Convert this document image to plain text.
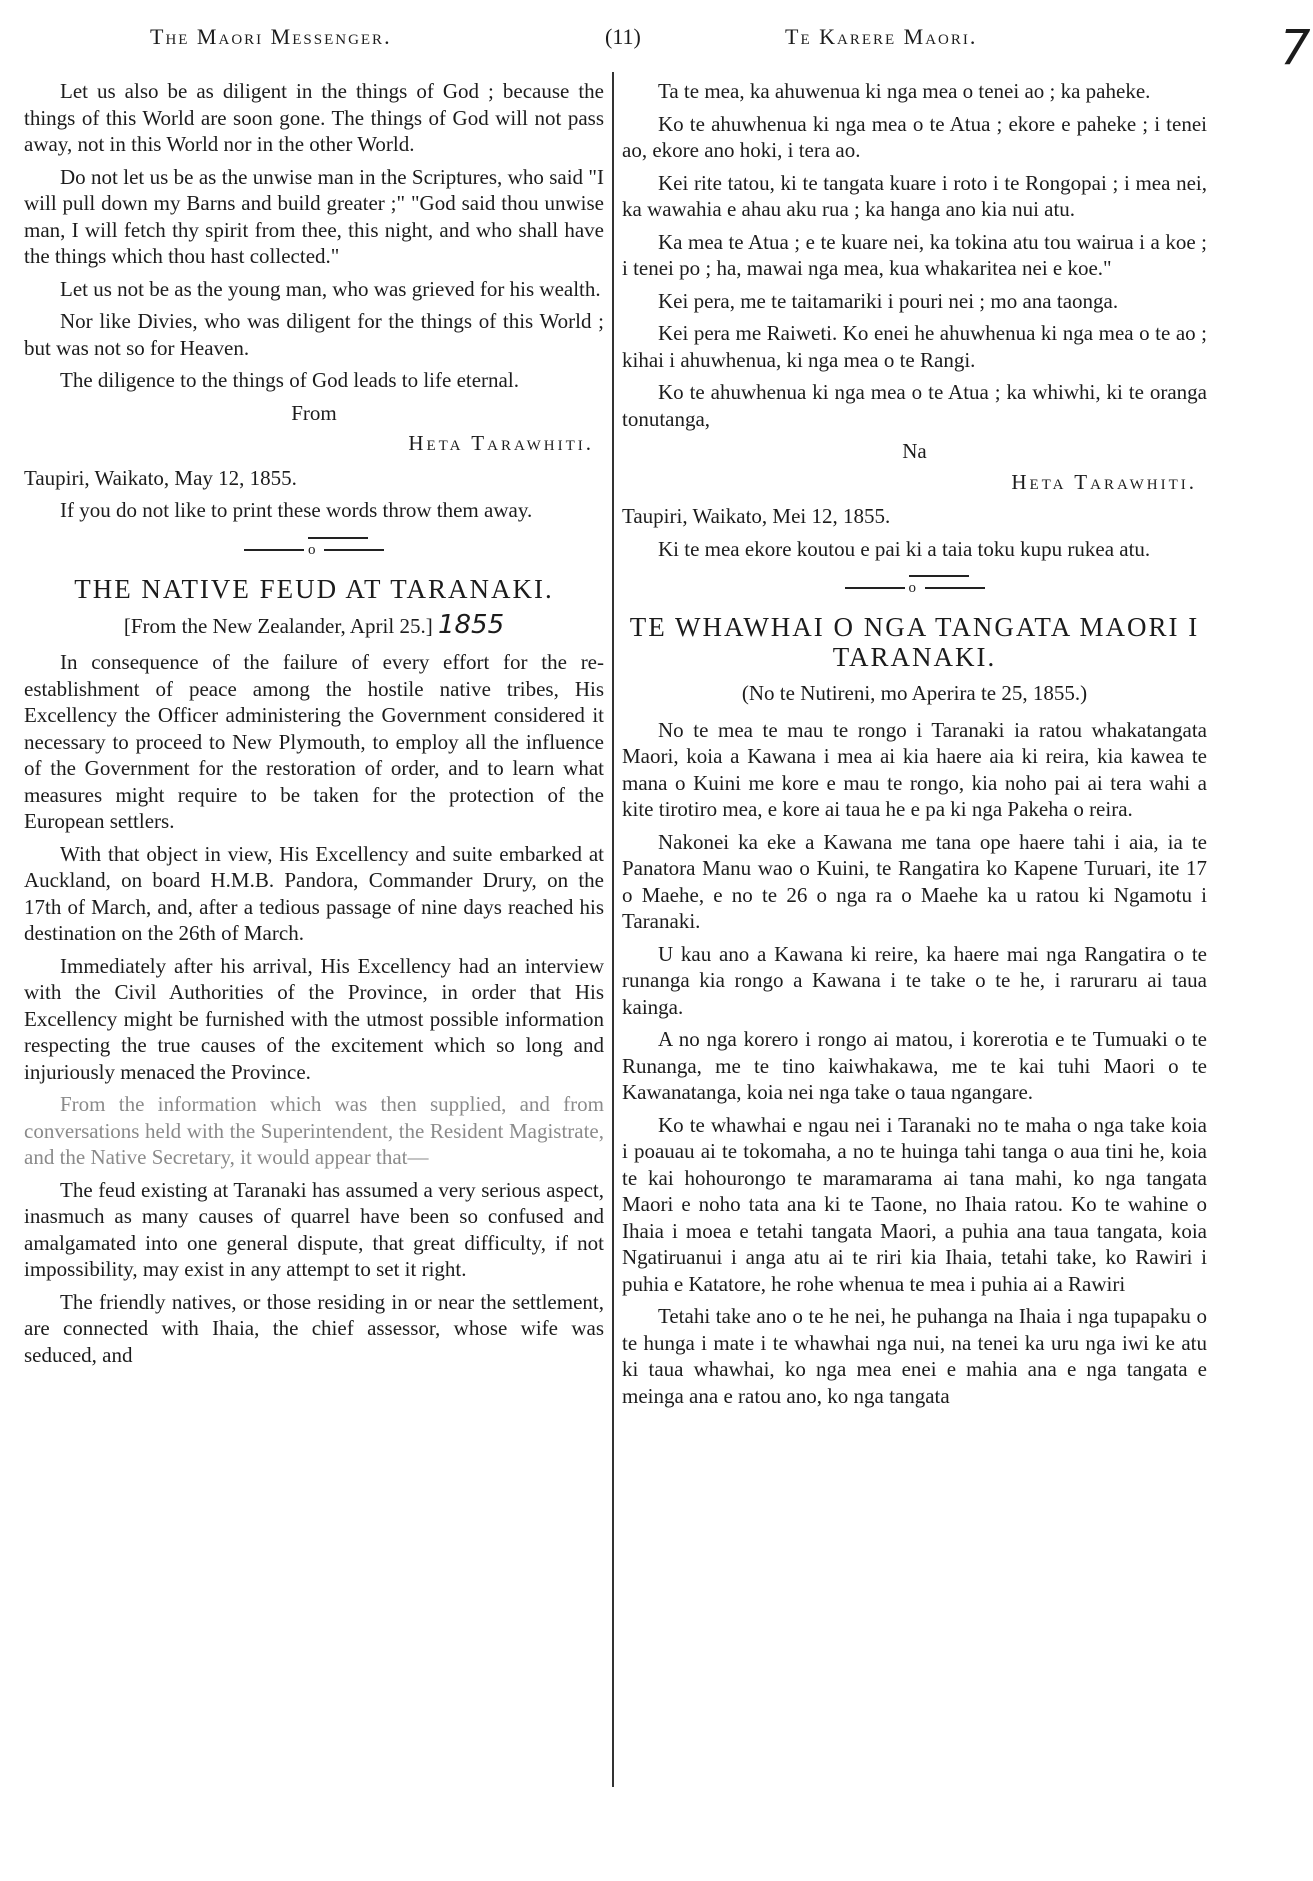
The Maori Messenger.	(11)	Te Karere Maori.	7

Let us also be as diligent in the things of God ; because the things of this World are soon gone. The things of God will not pass away, not in this World nor in the other World.

Do not let us be as the unwise man in the Scriptures, who said "I will pull down my Barns and build greater ;" "God said thou unwise man, I will fetch thy spirit from thee, this night, and who shall have the things which thou hast collected."

Let us not be as the young man, who was grieved for his wealth.

Nor like Divies, who was diligent for the things of this World ; but was not so for Heaven.

The diligence to the things of God leads to life eternal.

From
Heta Tarawhiti.

Taupiri, Waikato, May 12, 1855.

If you do not like to print these words throw them away.

o
THE NATIVE FEUD AT TARANAKI.
[From the New Zealander, April 25.] 1855

In consequence of the failure of every effort for the re-establishment of peace among the hostile native tribes, His Excellency the Officer administering the Government considered it necessary to proceed to New Plymouth, to employ all the influence of the Government for the restoration of order, and to learn what measures might require to be taken for the protection of the European settlers.

With that object in view, His Excellency and suite embarked at Auckland, on board H.M.B. Pandora, Commander Drury, on the 17th of March, and, after a tedious passage of nine days reached his destination on the 26th of March.

Immediately after his arrival, His Excellency had an interview with the Civil Authorities of the Province, in order that His Excellency might be furnished with the utmost possible information respecting the true causes of the excitement which so long and injuriously menaced the Province.

From the information which was then supplied, and from conversations held with the Superintendent, the Resident Magistrate, and the Native Secretary, it would appear that—

The feud existing at Taranaki has assumed a very serious aspect, inasmuch as many causes of quarrel have been so confused and amalgamated into one general dispute, that great difficulty, if not impossibility, may exist in any attempt to set it right.

The friendly natives, or those residing in or near the settlement, are connected with Ihaia, the chief assessor, whose wife was seduced, and

Ta te mea, ka ahuwenua ki nga mea o tenei ao ; ka paheke.

Ko te ahuwhenua ki nga mea o te Atua ; ekore e paheke ; i tenei ao, ekore ano hoki, i tera ao.

Kei rite tatou, ki te tangata kuare i roto i te Rongopai ; i mea nei, ka wawahia e ahau aku rua ; ka hanga ano kia nui atu.

Ka mea te Atua ; e te kuare nei, ka tokina atu tou wairua i a koe ; i tenei po ; ha, mawai nga mea, kua whakaritea nei e koe."

Kei pera, me te taitamariki i pouri nei ; mo ana taonga.

Kei pera me Raiweti. Ko enei he ahuwhenua ki nga mea o te ao ; kihai i ahuwhenua, ki nga mea o te Rangi.

Ko te ahuwhenua ki nga mea o te Atua ; ka whiwhi, ki te oranga tonutanga,

Na
Heta Tarawhiti.

Taupiri, Waikato, Mei 12, 1855.

Ki te mea ekore koutou e pai ki a taia toku kupu rukea atu.

o
TE WHAWHAI O NGA TANGATA MAORI I TARANAKI.
(No te Nutireni, mo Aperira te 25, 1855.)

No te mea te mau te rongo i Taranaki ia ratou whakatangata Maori, koia a Kawana i mea ai kia haere aia ki reira, kia kawea te mana o Kuini me kore e mau te rongo, kia noho pai ai tera wahi a kite tirotiro mea, e kore ai taua he e pa ki nga Pakeha o reira.

Nakonei ka eke a Kawana me tana ope haere tahi i aia, ia te Panatora Manu wao o Kuini, te Rangatira ko Kapene Turuari, ite 17 o Maehe, e no te 26 o nga ra o Maehe ka u ratou ki Ngamotu i Taranaki.

U kau ano a Kawana ki reire, ka haere mai nga Rangatira o te runanga kia rongo a Kawana i te take o te he, i raruraru ai taua kainga.

A no nga korero i rongo ai matou, i korerotia e te Tumuaki o te Runanga, me te tino kaiwhakawa, me te kai tuhi Maori o te Kawanatanga, koia nei nga take o taua ngangare.

Ko te whawhai e ngau nei i Taranaki no te maha o nga take koia i poauau ai te tokomaha, a no te huinga tahi tanga o aua tini he, koia te kai hohourongo te maramarama ai tana mahi, ko nga tangata Maori e noho tata ana ki te Taone, no Ihaia ratou. Ko te wahine o Ihaia i moea e tetahi tangata Maori, a puhia ana taua tangata, koia Ngatiruanui i anga atu ai te riri kia Ihaia, tetahi take, ko Rawiri i puhia e Katatore, he rohe whenua te mea i puhia ai a Rawiri

Tetahi take ano o te he nei, he puhanga na Ihaia i nga tupapaku o te hunga i mate i te whawhai nga nui, na tenei ka uru nga iwi ke atu ki taua whawhai, ko nga mea enei e mahia ana e nga tangata e meinga ana e ratou ano, ko nga tangata
